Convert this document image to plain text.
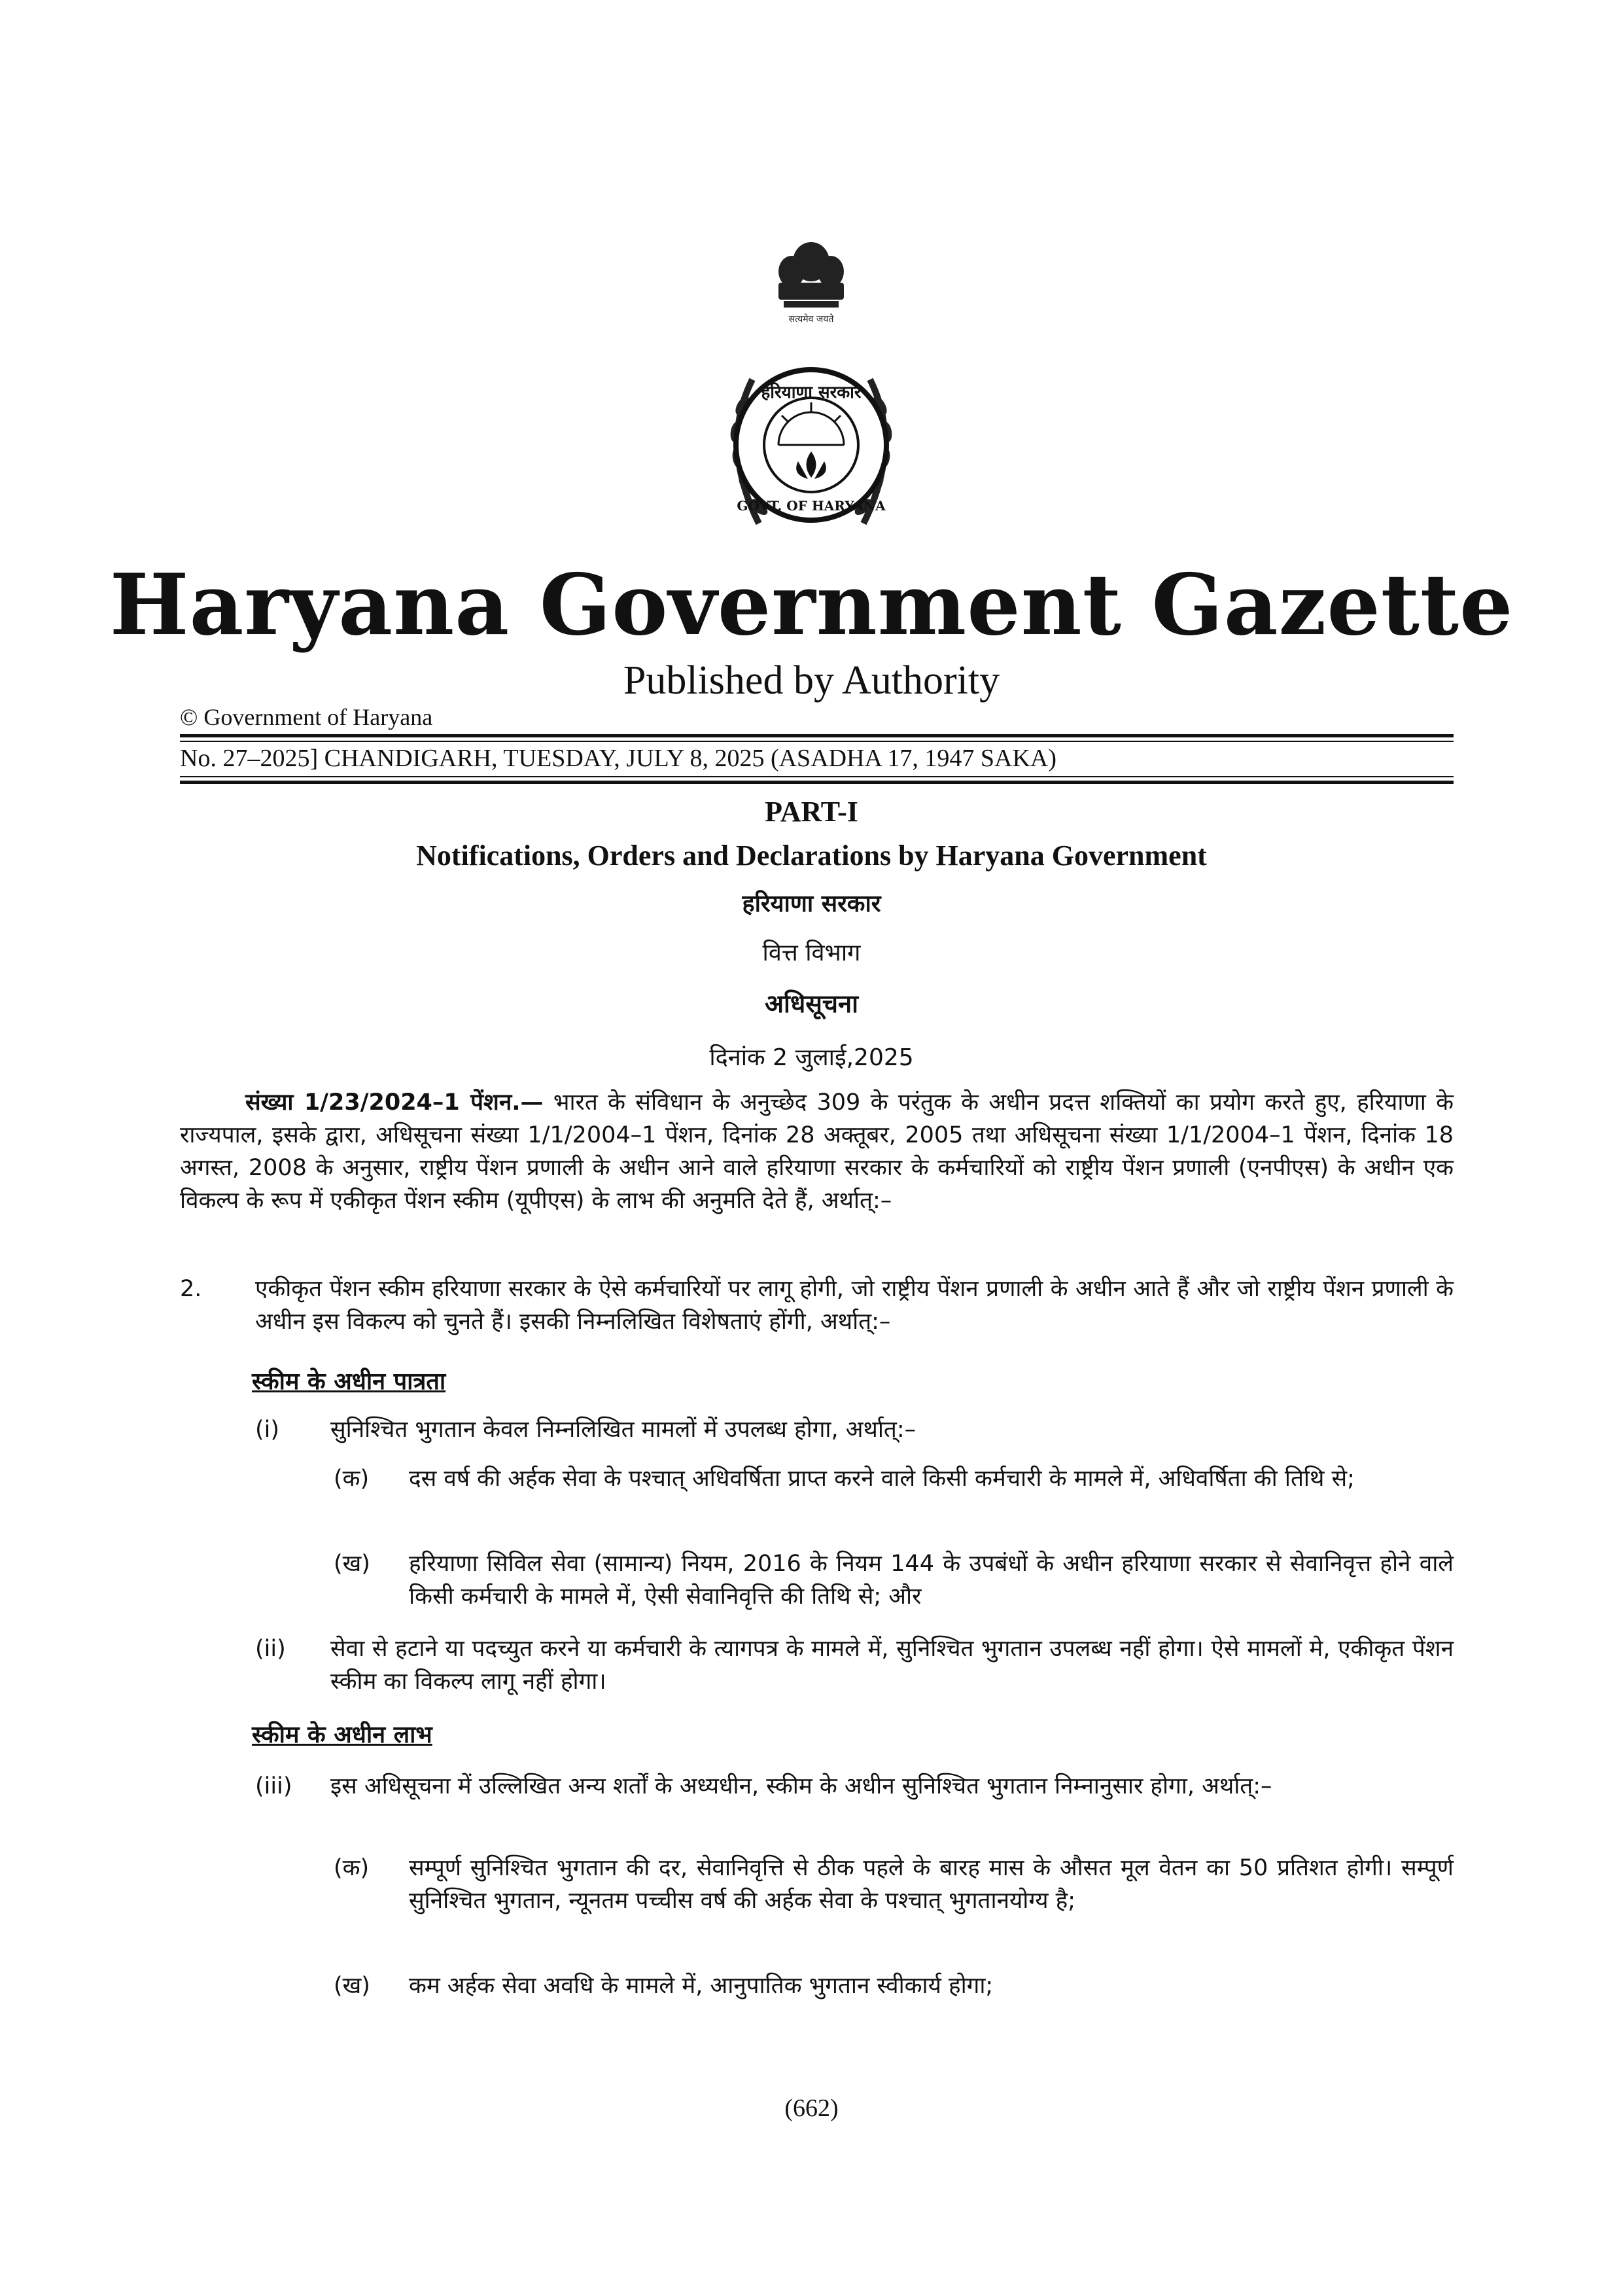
सत्यमेव जयते
हरियाणा सरकार
GOVT. OF HARYANA
Haryana Government Gazette
Published by Authority
© Government of Haryana
No. 27–2025] CHANDIGARH, TUESDAY, JULY 8, 2025 (ASADHA 17, 1947 SAKA)
PART-I
Notifications, Orders and Declarations by Haryana Government
हरियाणा सरकार
वित्त विभाग
अधिसूचना
दिनांक 2 जुलाई,2025
संख्या 1/23/2024–1 पेंशन.— भारत के संविधान के अनुच्छेद 309 के परंतुक के अधीन प्रदत्त शक्तियों का प्रयोग करते हुए, हरियाणा के राज्यपाल, इसके द्वारा, अधिसूचना संख्या 1/1/2004–1 पेंशन, दिनांक 28 अक्तूबर, 2005 तथा अधिसूचना संख्या 1/1/2004–1 पेंशन, दिनांक 18 अगस्त, 2008 के अनुसार, राष्ट्रीय पेंशन प्रणाली के अधीन आने वाले हरियाणा सरकार के कर्मचारियों को राष्ट्रीय पेंशन प्रणाली (एनपीएस) के अधीन एक विकल्प के रूप में एकीकृत पेंशन स्कीम (यूपीएस) के लाभ की अनुमति देते हैं, अर्थात्:–
2. एकीकृत पेंशन स्कीम हरियाणा सरकार के ऐसे कर्मचारियों पर लागू होगी, जो राष्ट्रीय पेंशन प्रणाली के अधीन आते हैं और जो राष्ट्रीय पेंशन प्रणाली के अधीन इस विकल्प को चुनते हैं। इसकी निम्नलिखित विशेषताएं होंगी, अर्थात्:–
स्कीम के अधीन पात्रता
(i) सुनिश्चित भुगतान केवल निम्नलिखित मामलों में उपलब्ध होगा, अर्थात्:–
(क) दस वर्ष की अर्हक सेवा के पश्चात् अधिवर्षिता प्राप्त करने वाले किसी कर्मचारी के मामले में, अधिवर्षिता की तिथि से;
(ख) हरियाणा सिविल सेवा (सामान्य) नियम, 2016 के नियम 144 के उपबंधों के अधीन हरियाणा सरकार से सेवानिवृत्त होने वाले किसी कर्मचारी के मामले में, ऐसी सेवानिवृत्ति की तिथि से; और
(ii) सेवा से हटाने या पदच्युत करने या कर्मचारी के त्यागपत्र के मामले में, सुनिश्चित भुगतान उपलब्ध नहीं होगा। ऐसे मामलों मे, एकीकृत पेंशन स्कीम का विकल्प लागू नहीं होगा।
स्कीम के अधीन लाभ
(iii) इस अधिसूचना में उल्लिखित अन्य शर्तों के अध्यधीन, स्कीम के अधीन सुनिश्चित भुगतान निम्नानुसार होगा, अर्थात्:–
(क) सम्पूर्ण सुनिश्चित भुगतान की दर, सेवानिवृत्ति से ठीक पहले के बारह मास के औसत मूल वेतन का 50 प्रतिशत होगी। सम्पूर्ण सुनिश्चित भुगतान, न्यूनतम पच्चीस वर्ष की अर्हक सेवा के पश्चात् भुगतानयोग्य है;
(ख) कम अर्हक सेवा अवधि के मामले में, आनुपातिक भुगतान स्वीकार्य होगा;
(662)
